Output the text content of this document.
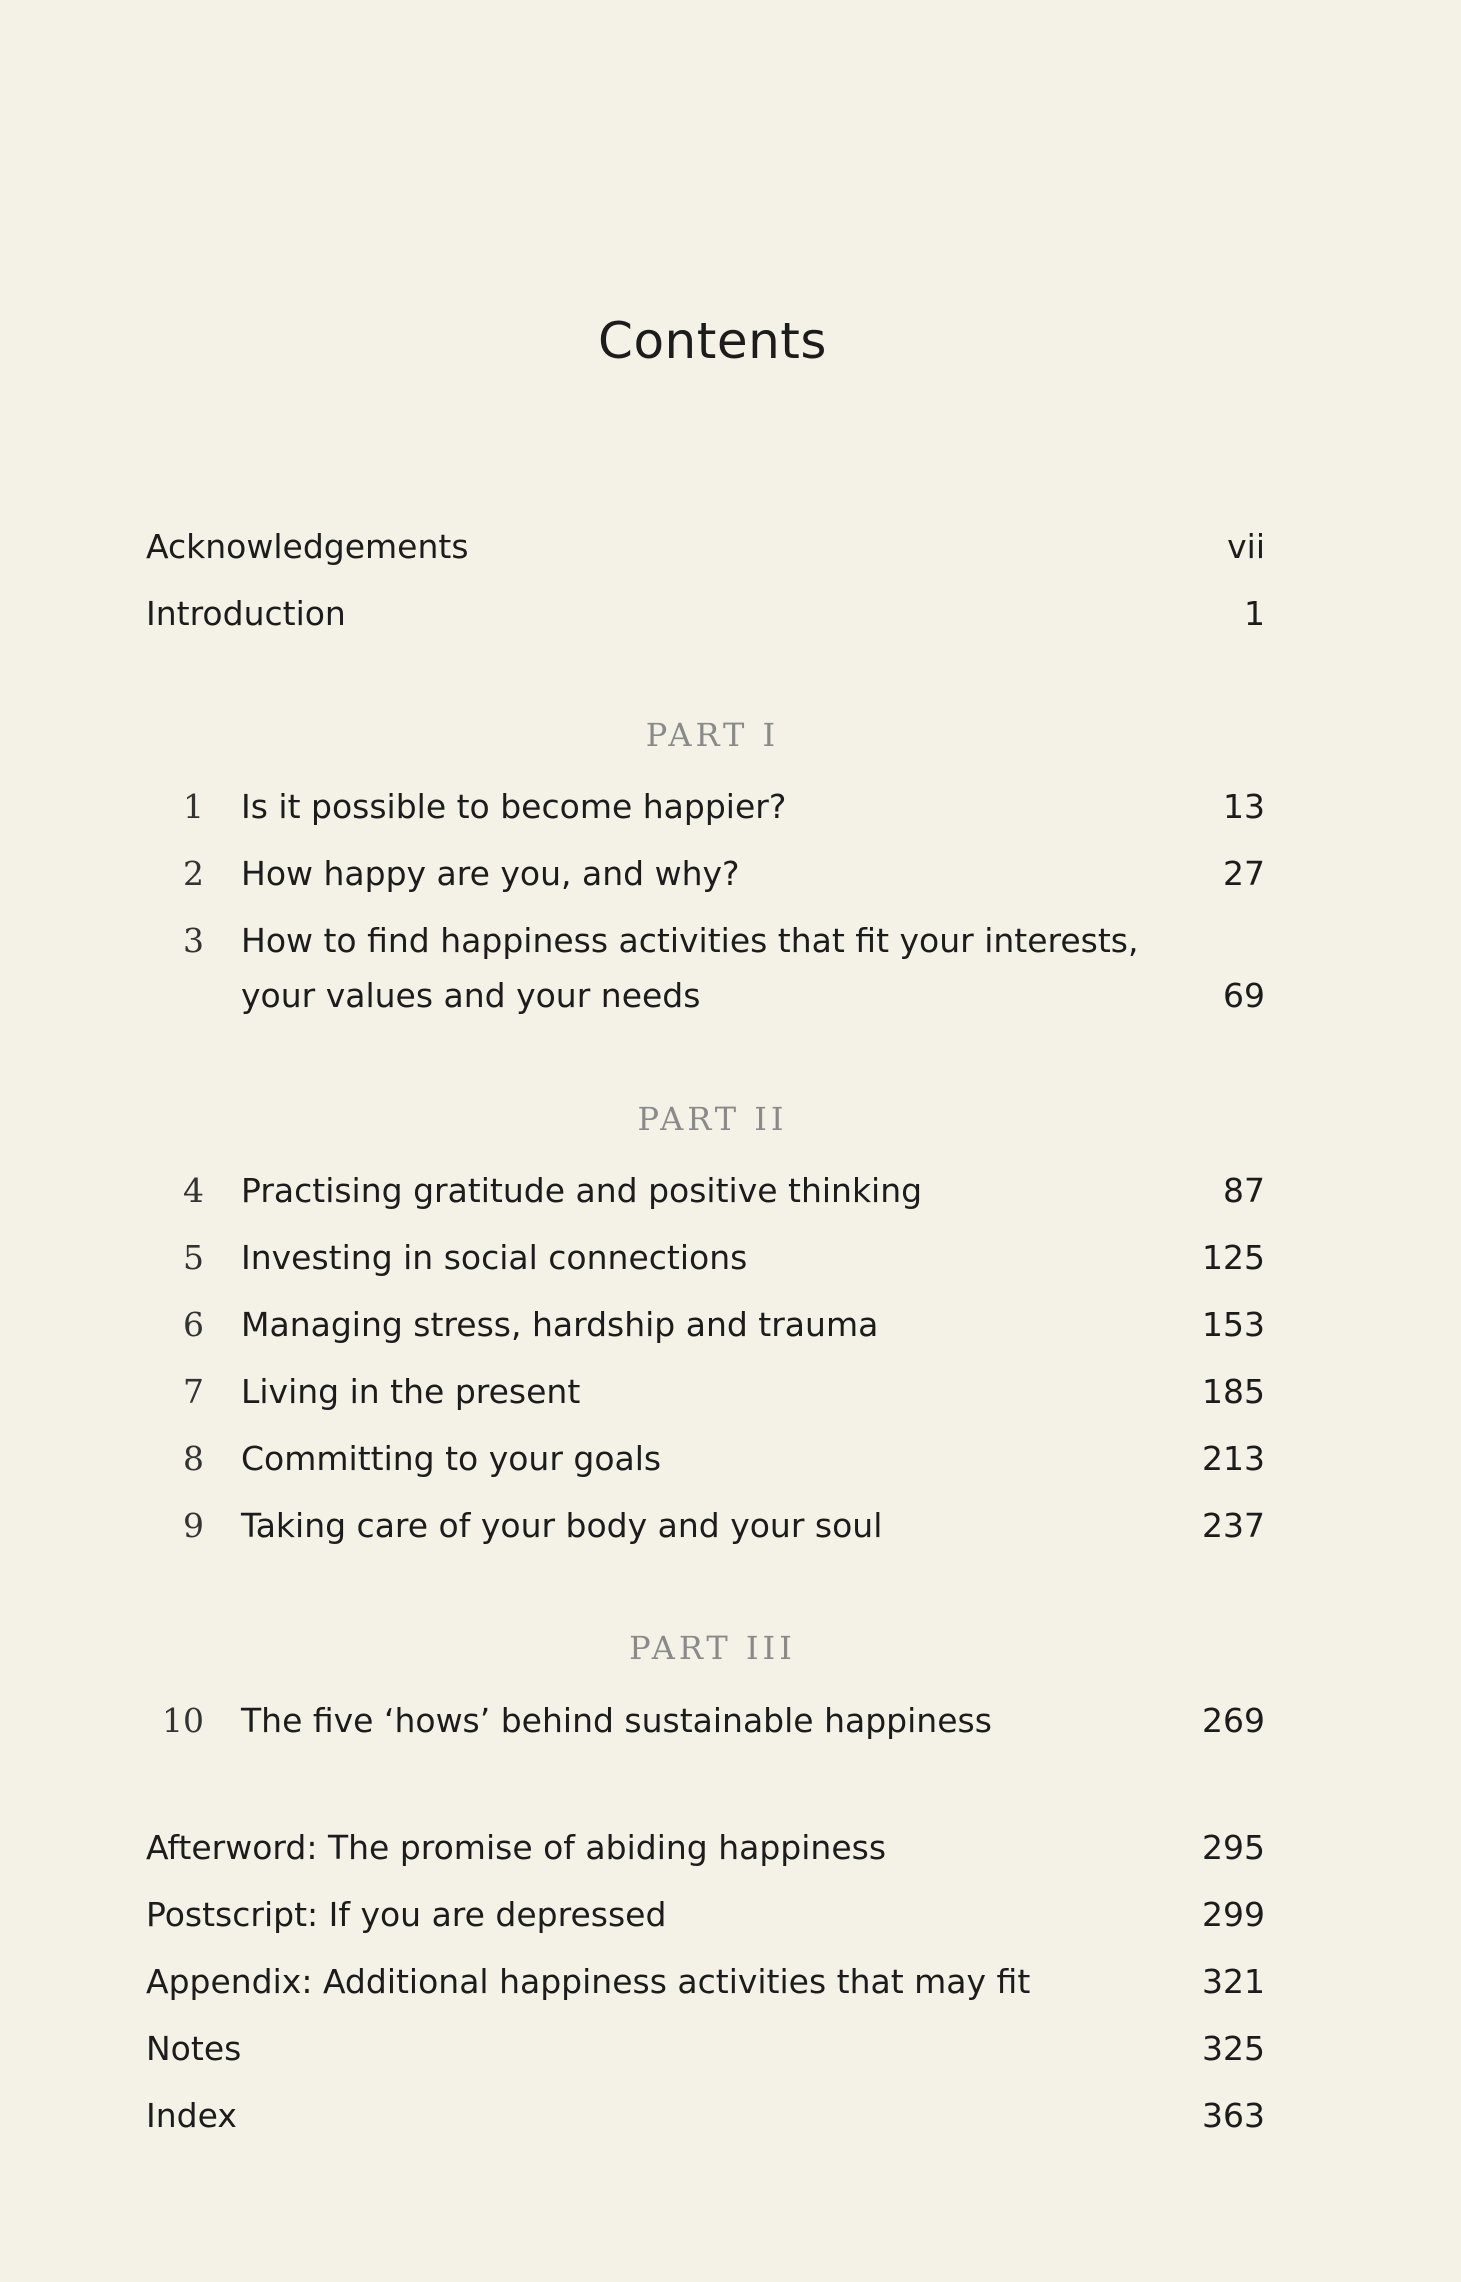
Contents
Acknowledgements	vii
Introduction	1
PART I
1 Is it possible to become happier?	13
2 How happy are you, and why?	27
3 How to find happiness activities that fit your interests,
your values and your needs	69
PART II
4 Practising gratitude and positive thinking	87
5 Investing in social connections	125
6 Managing stress, hardship and trauma	153
7 Living in the present	185
8 Committing to your goals	213
9 Taking care of your body and your soul	237
PART III
10 The five ‘hows’ behind sustainable happiness	269
Afterword: The promise of abiding happiness	295
Postscript: If you are depressed	299
Appendix: Additional happiness activities that may fit	321
Notes	325
Index	363
